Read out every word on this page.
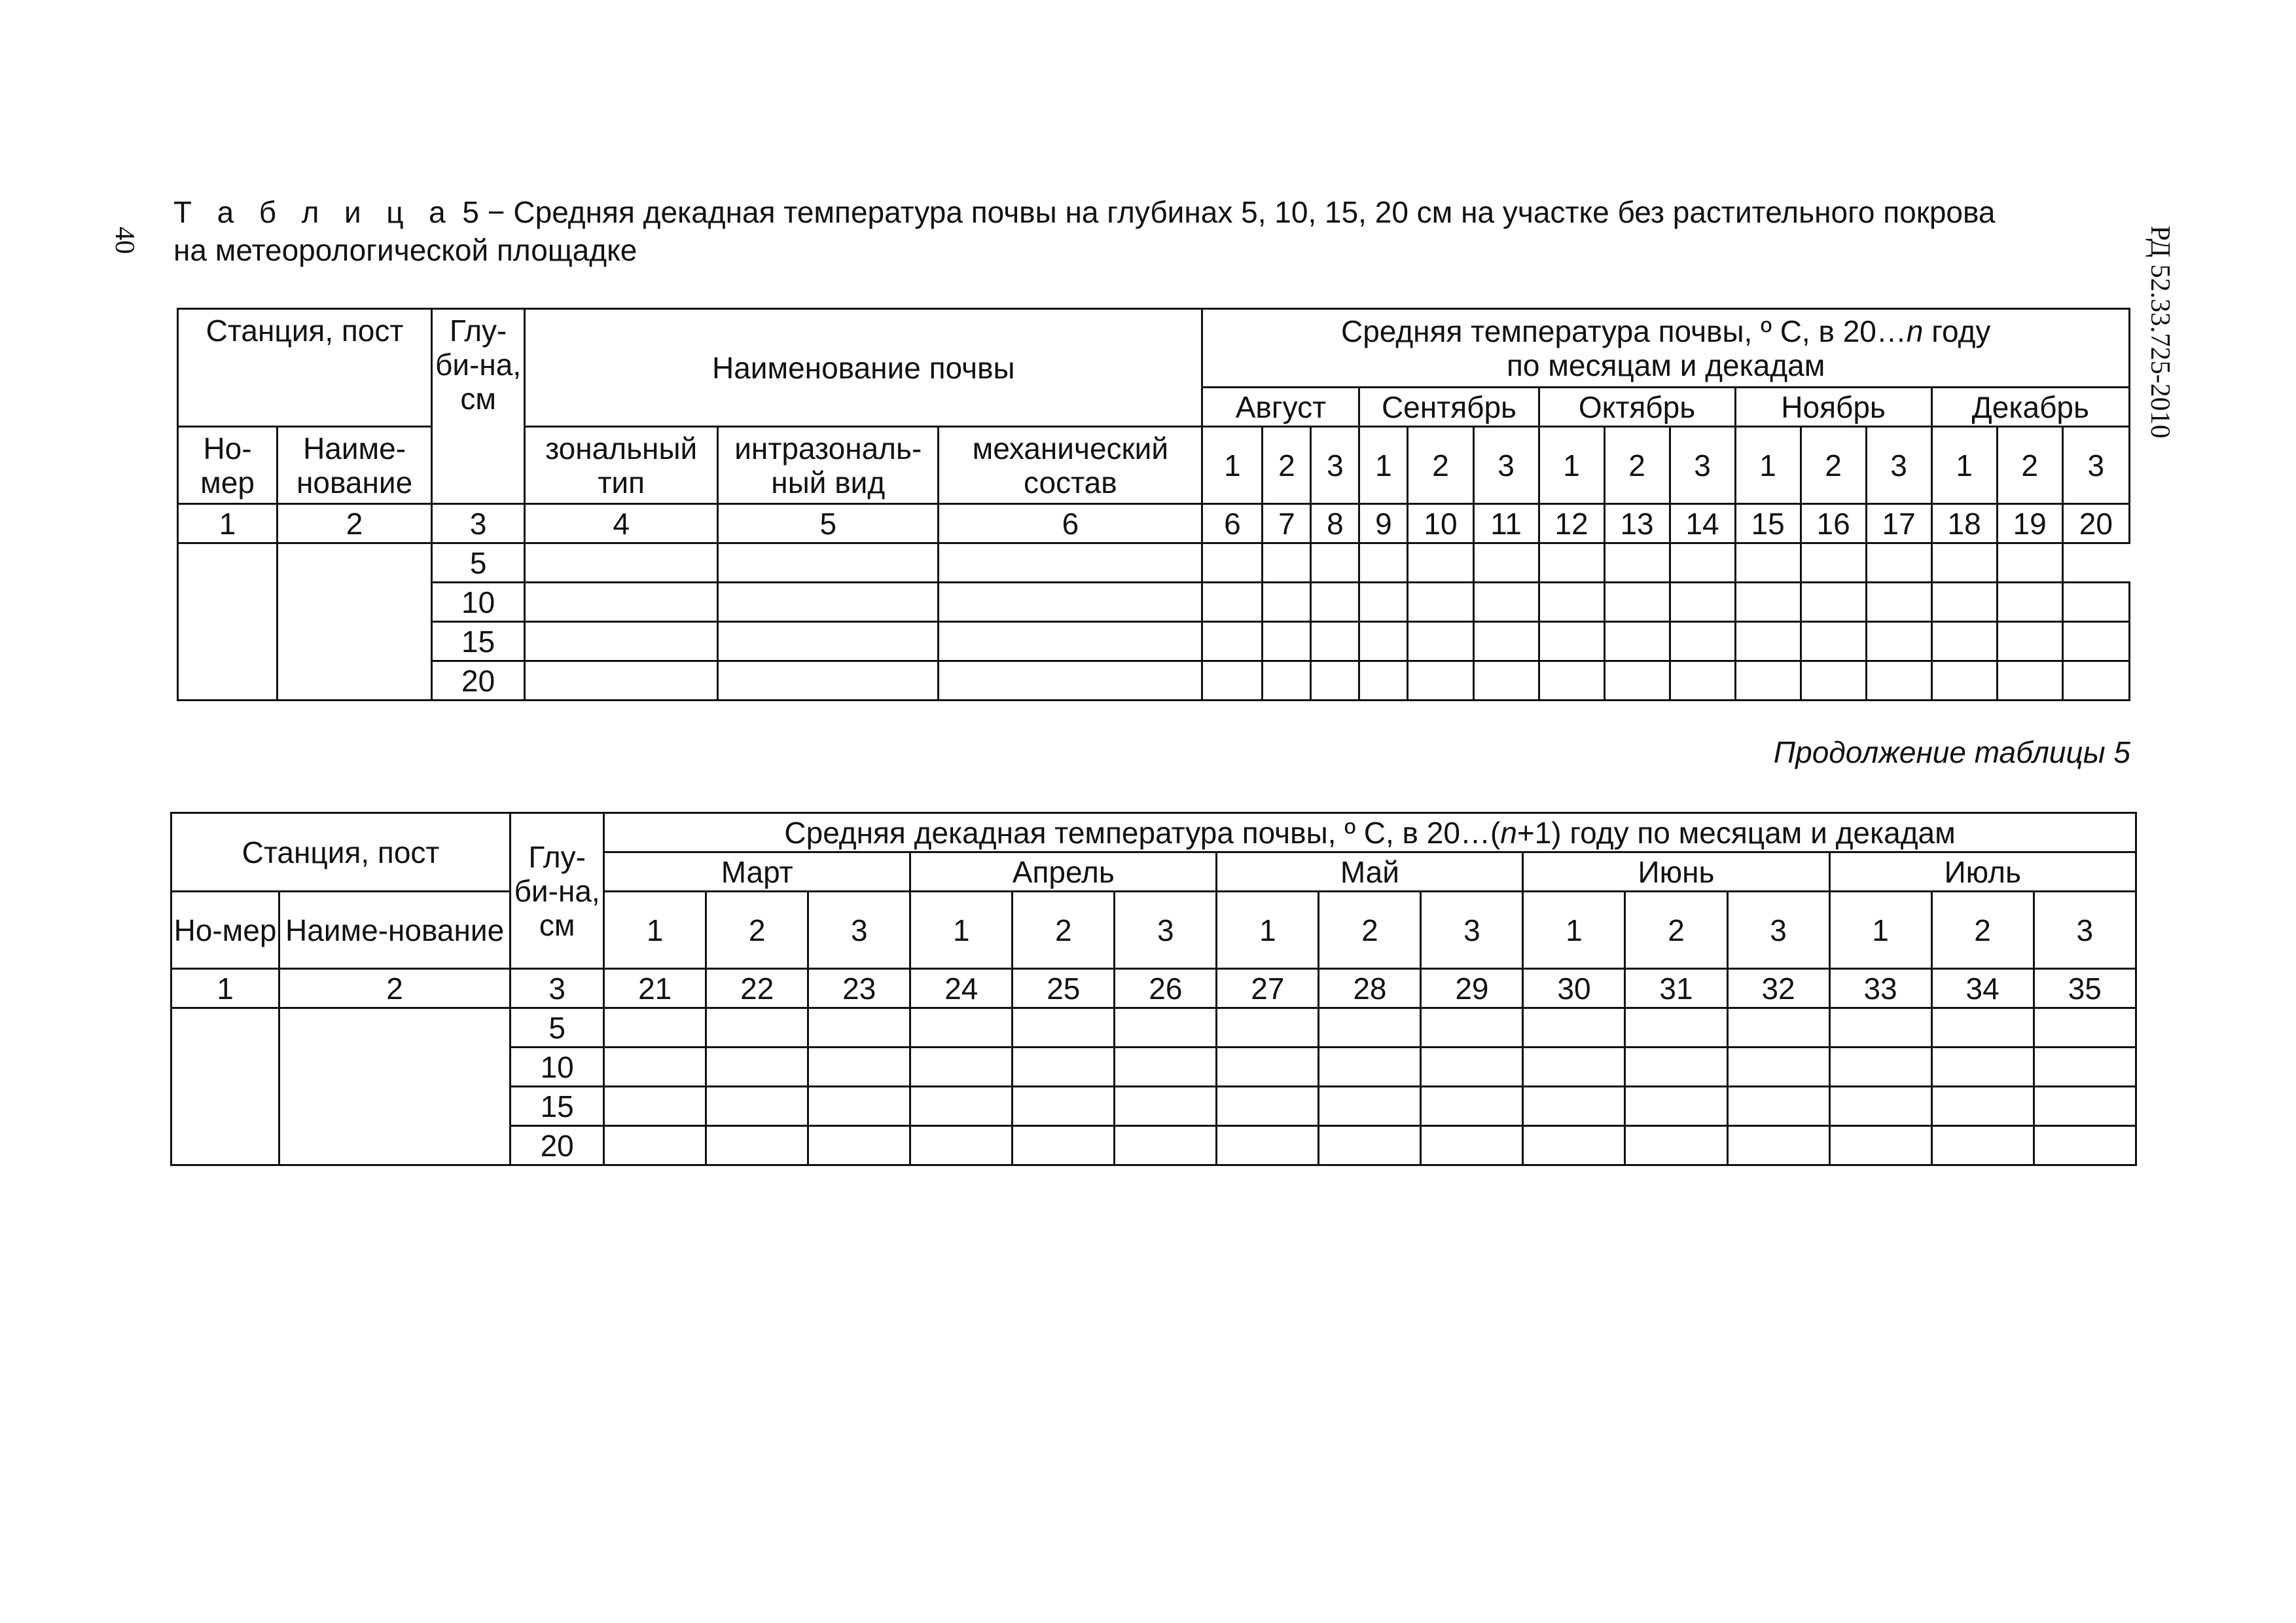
40	РД 52.33.725-2010
Т а б л и ц а 5 − Средняя декадная температура почвы на глубинах 5, 10, 15, 20 см на участке без растительного покрова
на метеорологической площадке
Станция, пост		Глу-би-на, см	Наименование почвы			Средняя температура почвы, º С, в 20…n году
по месяцам и декадам														
						Август			Сентябрь			Октябрь			Ноябрь			Декабрь		
Но-мер	Наиме-нование		зональный тип	интразональ-ный вид	механический состав	1	2	3	1	2	3	1	2	3	1	2	3	1	2	3
1	2	3	4	5	6	6	7	8	9	10	11	12	13	14	15	16	17	18	19	20
		5																		
		10																		
		15																		
		20																		
Продолжение таблицы 5
Станция, пост		Глу-би-на, см	Средняя декадная температура почвы, º С, в 20…(n+1) году по месяцам и декадам														
			Март			Апрель			Май			Июнь			Июль		
Но-мер	Наиме-нование		1	2	3	1	2	3	1	2	3	1	2	3	1	2	3
1	2	3	21	22	23	24	25	26	27	28	29	30	31	32	33	34	35
		5															
		10															
		15															
		20															
